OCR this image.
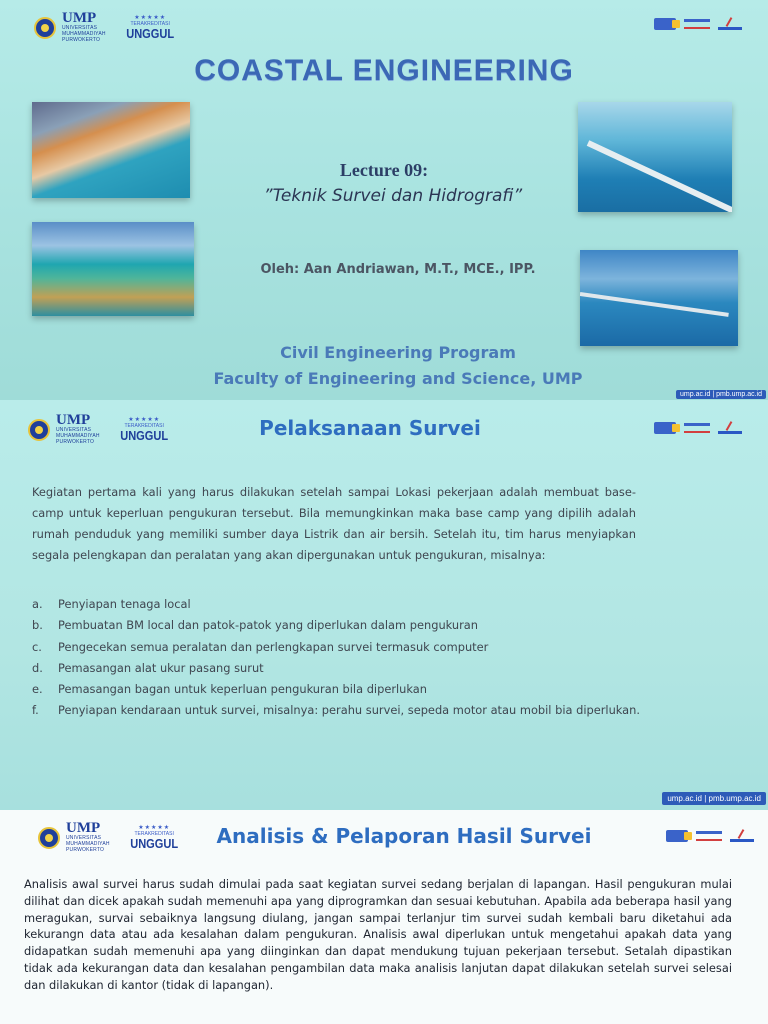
UMP
UNIVERSITAS MUHAMMADIYAH PURWOKERTO
★★★★★
TERAKREDITASI
UNGGUL
COASTAL ENGINEERING
Lecture 09:
”Teknik Survei dan Hidrografi”
Oleh: Aan Andriawan, M.T., MCE., IPP.
Civil Engineering Program
Faculty of Engineering and Science, UMP
ump.ac.id | pmb.ump.ac.id
UMP
UNIVERSITAS MUHAMMADIYAH PURWOKERTO
★★★★★
TERAKREDITASI
UNGGUL	Pelaksanaan Survei
Kegiatan pertama kali yang harus dilakukan setelah sampai Lokasi pekerjaan adalah membuat base-camp untuk keperluan pengukuran tersebut. Bila memungkinkan maka base camp yang dipilih adalah rumah penduduk yang memiliki sumber daya Listrik dan air bersih. Setelah itu, tim harus menyiapkan segala pelengkapan dan peralatan yang akan dipergunakan untuk pengukuran, misalnya:
a.	Penyiapan tenaga local
b.	Pembuatan BM local dan patok-patok yang diperlukan dalam pengukuran
c.	Pengecekan semua peralatan dan perlengkapan survei termasuk computer
d.	Pemasangan alat ukur pasang surut
e.	Pemasangan bagan untuk keperluan pengukuran bila diperlukan
f.	Penyiapan kendaraan untuk survei, misalnya: perahu survei, sepeda motor atau mobil bia diperlukan.
ump.ac.id | pmb.ump.ac.id
UMP
UNIVERSITAS MUHAMMADIYAH PURWOKERTO
★★★★★
TERAKREDITASI
UNGGUL	Analisis & Pelaporan Hasil Survei
Analisis awal survei harus sudah dimulai pada saat kegiatan survei sedang berjalan di lapangan. Hasil pengukuran mulai dilihat dan dicek apakah sudah memenuhi apa yang diprogramkan dan sesuai kebutuhan. Apabila ada beberapa hasil yang meragukan, survai sebaiknya langsung diulang, jangan sampai terlanjur tim survei sudah kembali baru diketahui ada kekurangn data atau ada kesalahan dalam pengukuran. Analisis awal diperlukan untuk mengetahui apakah data yang didapatkan sudah memenuhi apa yang diinginkan dan dapat mendukung tujuan pekerjaan tersebut. Setalah dipastikan tidak ada kekurangan data dan kesalahan pengambilan data maka analisis lanjutan dapat dilakukan setelah survei selesai dan dilakukan di kantor (tidak di lapangan).
